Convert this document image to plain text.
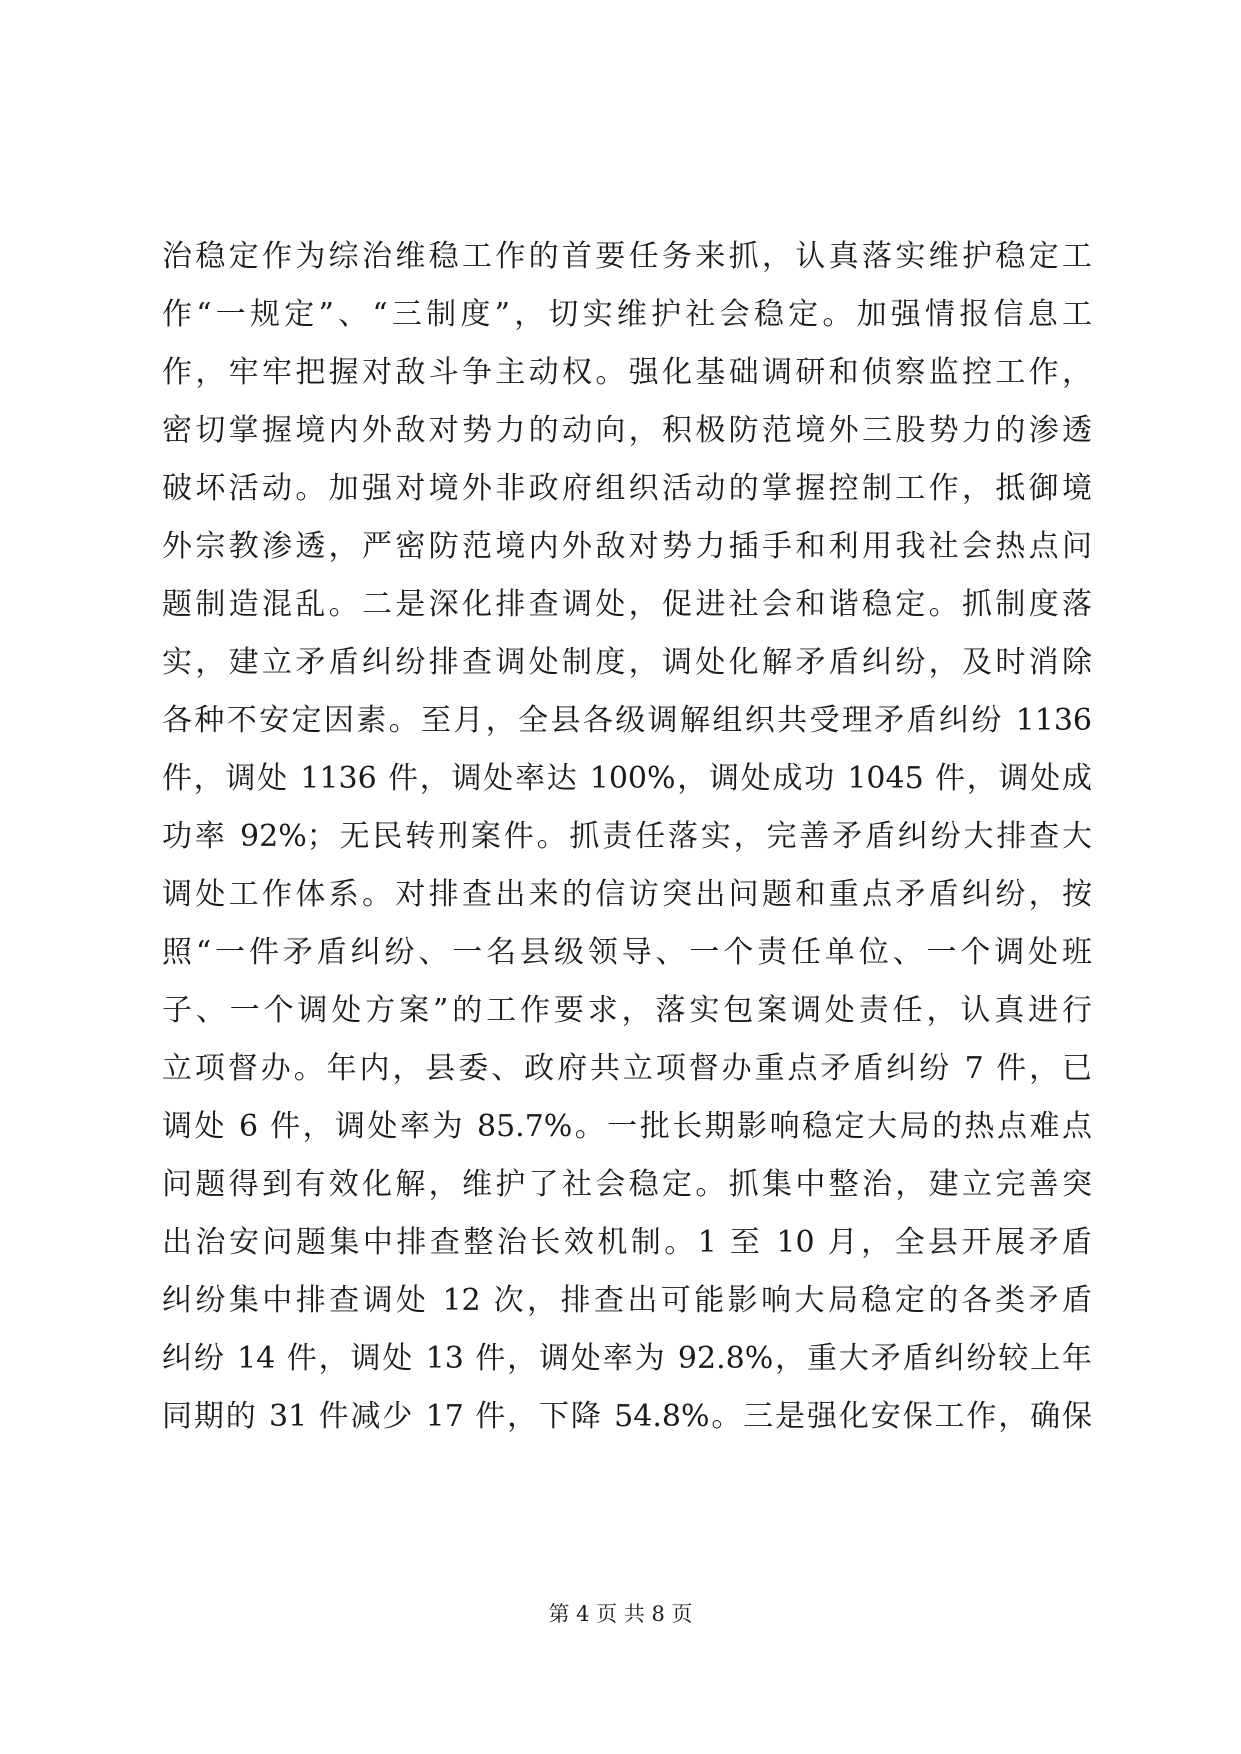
治稳定作为综治维稳工作的首要任务来抓，认真落实维护稳定工
作“一规定”、“三制度”，切实维护社会稳定。加强情报信息工
作，牢牢把握对敌斗争主动权。强化基础调研和侦察监控工作，
密切掌握境内外敌对势力的动向，积极防范境外三股势力的渗透
破坏活动。加强对境外非政府组织活动的掌握控制工作，抵御境
外宗教渗透，严密防范境内外敌对势力插手和利用我社会热点问
题制造混乱。二是深化排查调处，促进社会和谐稳定。抓制度落
实，建立矛盾纠纷排查调处制度，调处化解矛盾纠纷，及时消除
各种不安定因素。至月，全县各级调解组织共受理矛盾纠纷 1136
件，调处 1136 件，调处率达 100%，调处成功 1045 件，调处成
功率 92%；无民转刑案件。抓责任落实，完善矛盾纠纷大排查大
调处工作体系。对排查出来的信访突出问题和重点矛盾纠纷，按
照“一件矛盾纠纷、一名县级领导、一个责任单位、一个调处班
子、一个调处方案”的工作要求，落实包案调处责任，认真进行
立项督办。年内，县委、政府共立项督办重点矛盾纠纷 7 件，已
调处 6 件，调处率为 85.7%。一批长期影响稳定大局的热点难点
问题得到有效化解，维护了社会稳定。抓集中整治，建立完善突
出治安问题集中排查整治长效机制。1 至 10 月，全县开展矛盾
纠纷集中排查调处 12 次，排查出可能影响大局稳定的各类矛盾
纠纷 14 件，调处 13 件，调处率为 92.8%，重大矛盾纠纷较上年
同期的 31 件减少 17 件，下降 54.8%。三是强化安保工作，确保
第 4 页 共 8 页
